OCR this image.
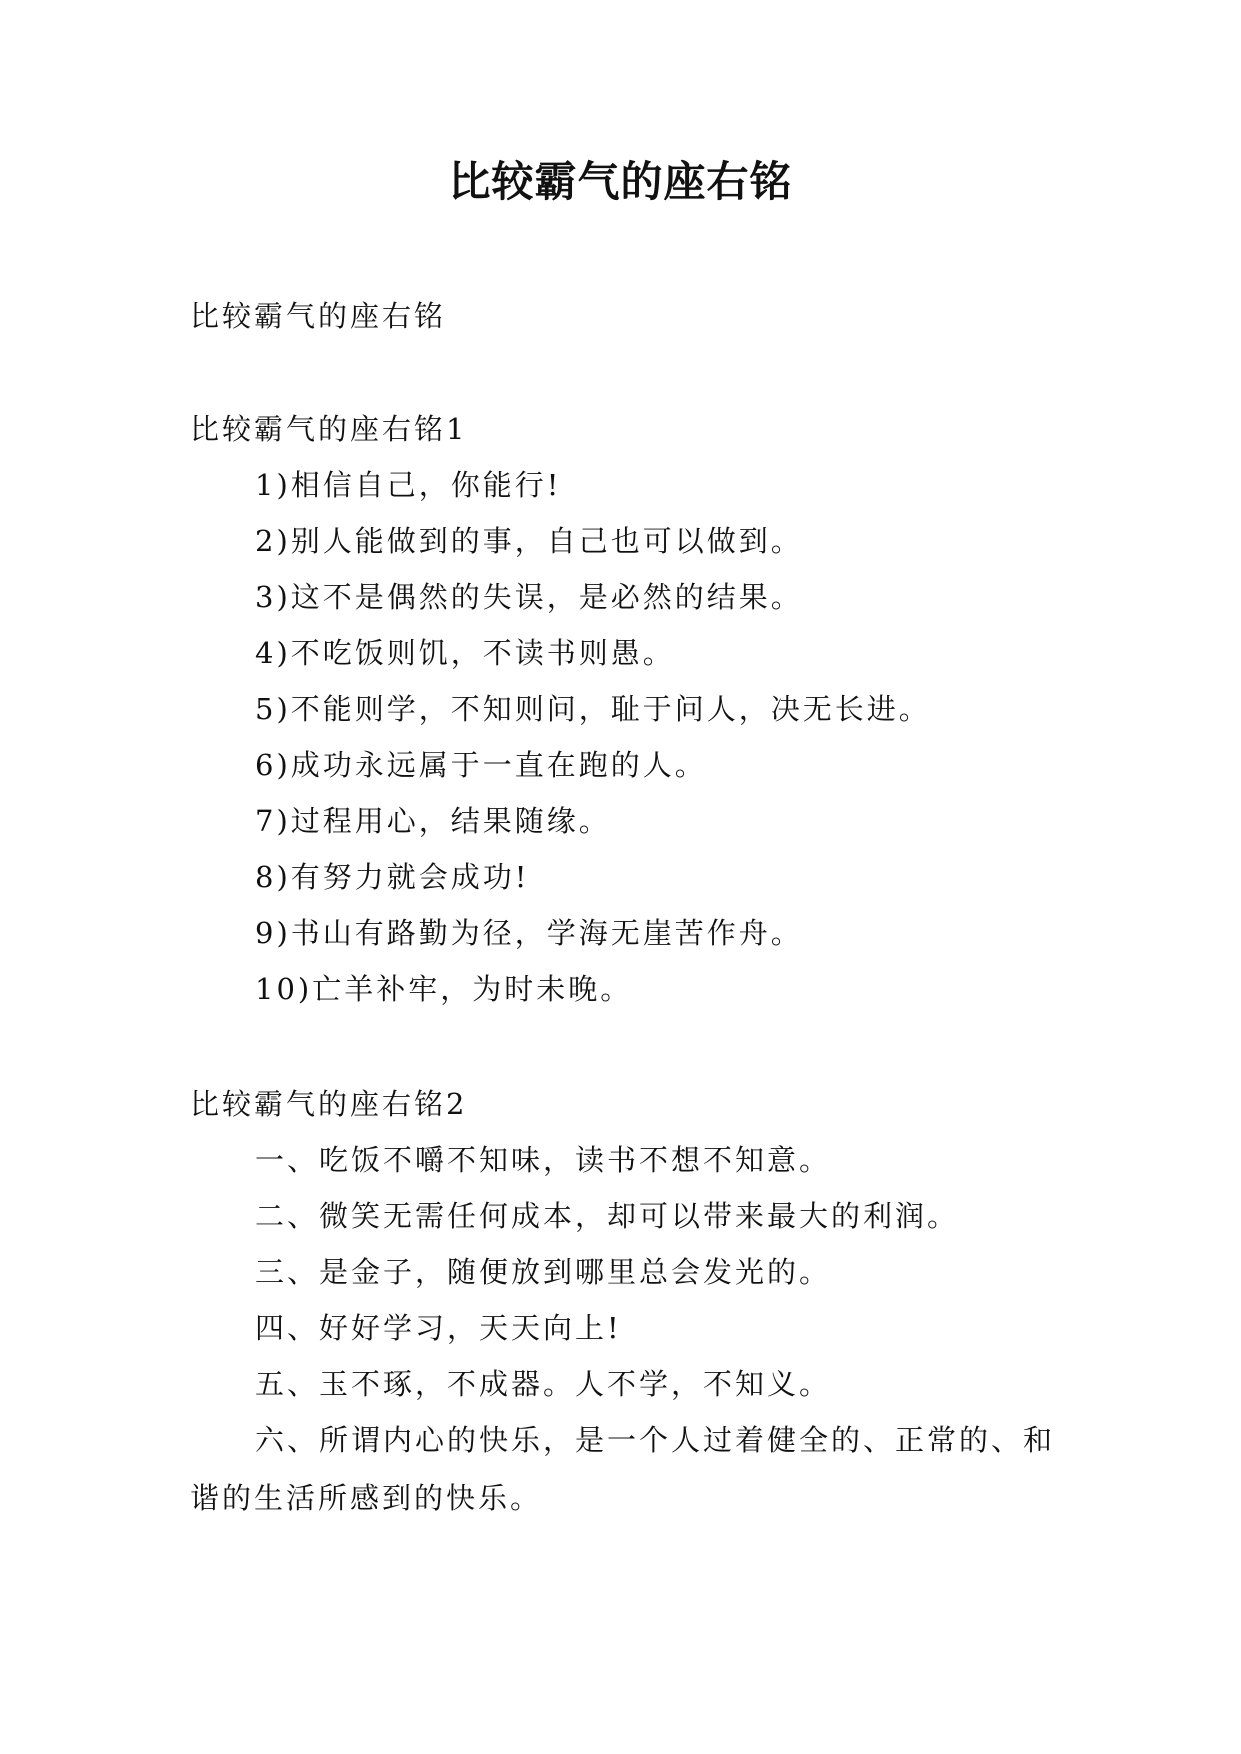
比较霸气的座右铭
比较霸气的座右铭
比较霸气的座右铭1
1)相信自己，你能行!
2)别人能做到的事，自己也可以做到。
3)这不是偶然的失误，是必然的结果。
4)不吃饭则饥，不读书则愚。
5)不能则学，不知则问，耻于问人，决无长进。
6)成功永远属于一直在跑的人。
7)过程用心，结果随缘。
8)有努力就会成功!
9)书山有路勤为径，学海无崖苦作舟。
10)亡羊补牢，为时未晚。
比较霸气的座右铭2
一、吃饭不嚼不知味，读书不想不知意。
二、微笑无需任何成本，却可以带来最大的利润。
三、是金子，随便放到哪里总会发光的。
四、好好学习，天天向上!
五、玉不琢，不成器。人不学，不知义。
六、所谓内心的快乐，是一个人过着健全的、正常的、和谐的生活所感到的快乐。
